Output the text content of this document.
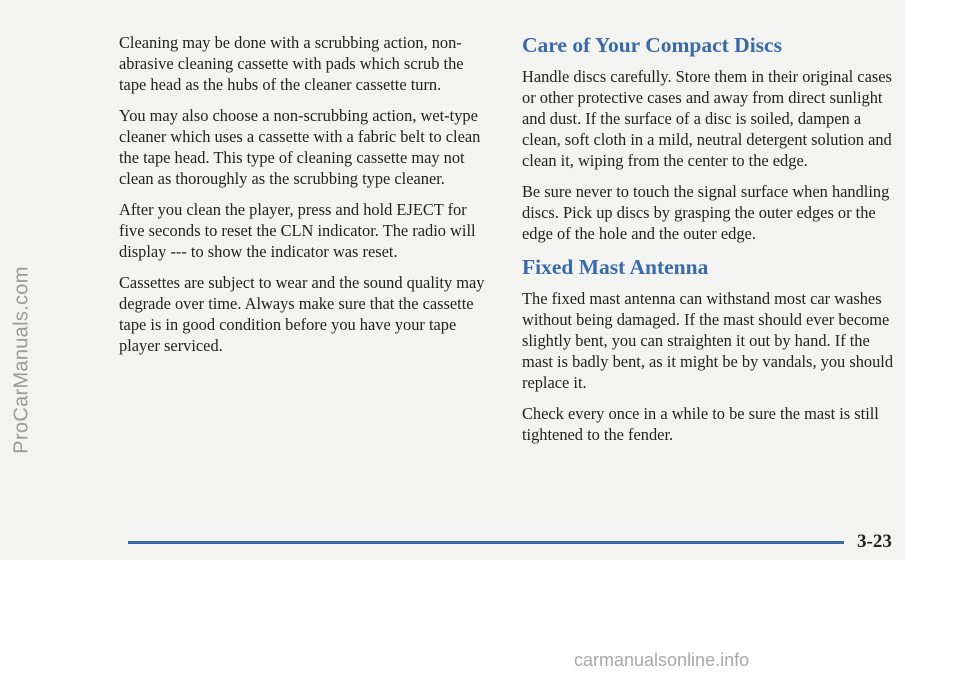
ProCarManuals.com

Cleaning may be done with a scrubbing action, non-abrasive cleaning cassette with pads which scrub the tape head as the hubs of the cleaner cassette turn.

You may also choose a non-scrubbing action, wet-type cleaner which uses a cassette with a fabric belt to clean the tape head. This type of cleaning cassette may not clean as thoroughly as the scrubbing type cleaner.

After you clean the player, press and hold EJECT for five seconds to reset the CLN indicator. The radio will display --- to show the indicator was reset.

Cassettes are subject to wear and the sound quality may degrade over time. Always make sure that the cassette tape is in good condition before you have your tape player serviced.

Care of Your Compact Discs

Handle discs carefully. Store them in their original cases or other protective cases and away from direct sunlight and dust. If the surface of a disc is soiled, dampen a clean, soft cloth in a mild, neutral detergent solution and clean it, wiping from the center to the edge.

Be sure never to touch the signal surface when handling discs. Pick up discs by grasping the outer edges or the edge of the hole and the outer edge.

Fixed Mast Antenna

The fixed mast antenna can withstand most car washes without being damaged. If the mast should ever become slightly bent, you can straighten it out by hand. If the mast is badly bent, as it might be by vandals, you should replace it.

Check every once in a while to be sure the mast is still tightened to the fender.

3-23
carmanualsonline.info
